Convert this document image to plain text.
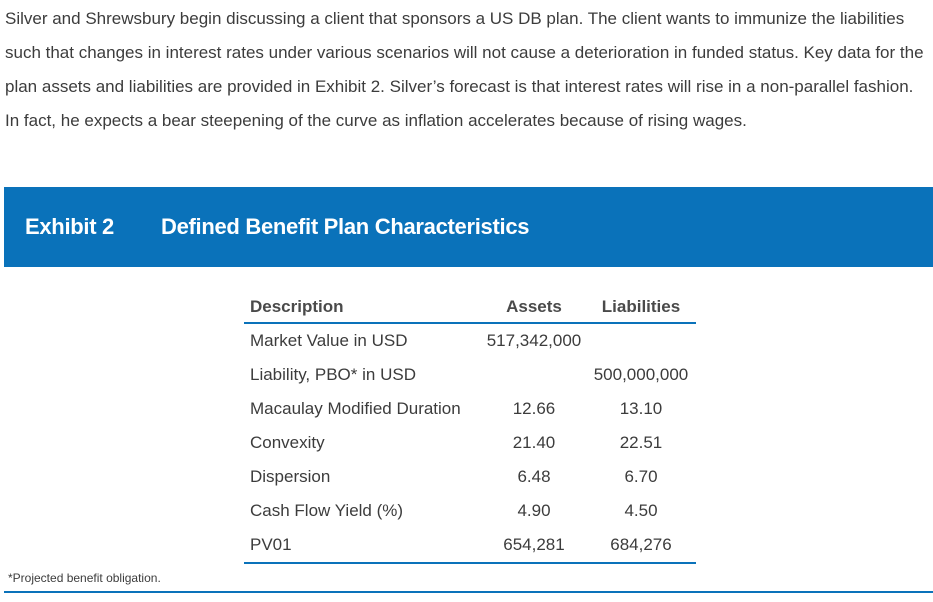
Silver and Shrewsbury begin discussing a client that sponsors a US DB plan. The client wants to immunize the liabilities such that changes in interest rates under various scenarios will not cause a deterioration in funded status. Key data for the plan assets and liabilities are provided in Exhibit 2. Silver’s forecast is that interest rates will rise in a non-parallel fashion. In fact, he expects a bear steepening of the curve as inflation accelerates because of rising wages.

Exhibit 2 Defined Benefit Plan Characteristics
Description	Assets	Liabilities
Market Value in USD	517,342,000	
Liability, PBO* in USD		500,000,000
Macaulay Modified Duration	12.66	13.10
Convexity	21.40	22.51
Dispersion	6.48	6.70
Cash Flow Yield (%)	4.90	4.50
PV01	654,281	684,276
*Projected benefit obligation.
